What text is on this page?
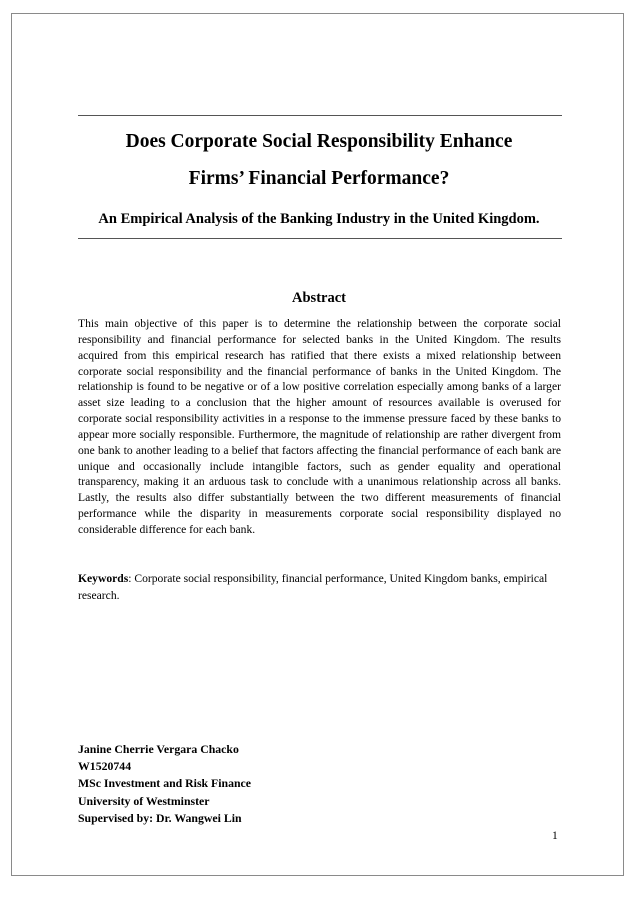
Does Corporate Social Responsibility Enhance
Firms’ Financial Performance?
An Empirical Analysis of the Banking Industry in the United Kingdom.
Abstract

This main objective of this paper is to determine the relationship between the corporate social responsibility and financial performance for selected banks in the United Kingdom. The results acquired from this empirical research has ratified that there exists a mixed relationship between corporate social responsibility and the financial performance of banks in the United Kingdom. The relationship is found to be negative or of a low positive correlation especially among banks of a larger asset size leading to a conclusion that the higher amount of resources available is overused for corporate social responsibility activities in a response to the immense pressure faced by these banks to appear more socially responsible. Furthermore, the magnitude of relationship are rather divergent from one bank to another leading to a belief that factors affecting the financial performance of each bank are unique and occasionally include intangible factors, such as gender equality and operational transparency, making it an arduous task to conclude with a unanimous relationship across all banks. Lastly, the results also differ substantially between the two different measurements of financial performance while the disparity in measurements corporate social responsibility displayed no considerable difference for each bank.

Keywords: Corporate social responsibility, financial performance, United Kingdom banks, empirical research.

Janine Cherrie Vergara Chacko
W1520744
MSc Investment and Risk Finance
University of Westminster
Supervised by: Dr. Wangwei Lin
1
